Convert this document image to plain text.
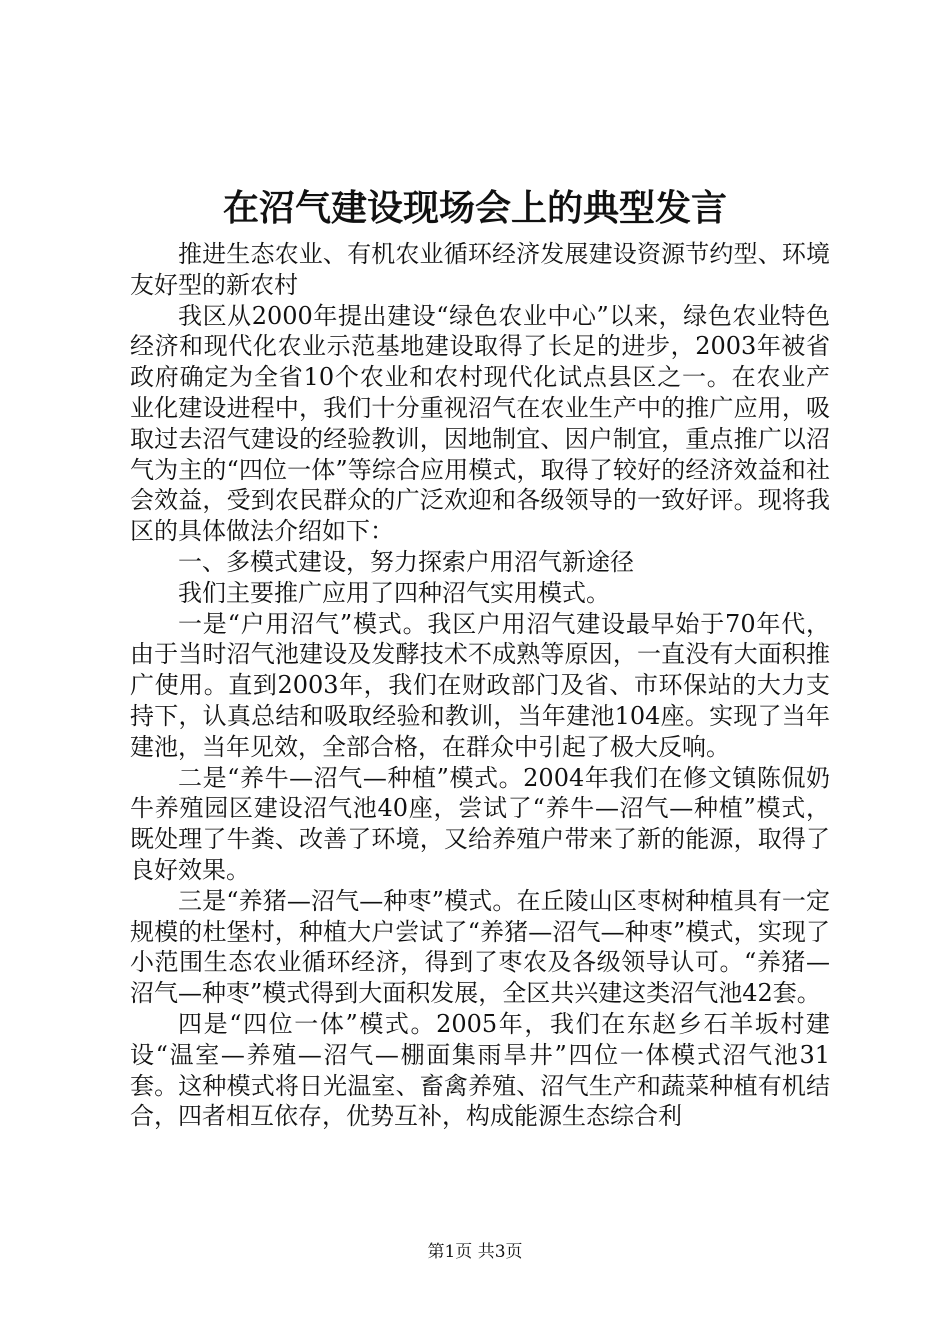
在沼气建设现场会上的典型发言

推进生态农业、有机农业循环经济发展建设资源节约型、环境友好型的新农村

我区从2000年提出建设“绿色农业中心”以来，绿色农业特色经济和现代化农业示范基地建设取得了长足的进步，2003年被省政府确定为全省10个农业和农村现代化试点县区之一。在农业产业化建设进程中，我们十分重视沼气在农业生产中的推广应用，吸取过去沼气建设的经验教训，因地制宜、因户制宜，重点推广以沼气为主的“四位一体”等综合应用模式，取得了较好的经济效益和社会效益，受到农民群众的广泛欢迎和各级领导的一致好评。现将我区的具体做法介绍如下：

一、多模式建设，努力探索户用沼气新途径

我们主要推广应用了四种沼气实用模式。

一是“户用沼气”模式。我区户用沼气建设最早始于70年代，由于当时沼气池建设及发酵技术不成熟等原因，一直没有大面积推广使用。直到2003年，我们在财政部门及省、市环保站的大力支持下，认真总结和吸取经验和教训，当年建池104座。实现了当年建池，当年见效，全部合格，在群众中引起了极大反响。

二是“养牛—沼气—种植”模式。2004年我们在修文镇陈侃奶牛养殖园区建设沼气池40座，尝试了“养牛—沼气—种植”模式，既处理了牛粪、改善了环境，又给养殖户带来了新的能源，取得了良好效果。

三是“养猪—沼气—种枣”模式。在丘陵山区枣树种植具有一定规模的杜堡村，种植大户尝试了“养猪—沼气—种枣”模式，实现了小范围生态农业循环经济，得到了枣农及各级领导认可。“养猪—沼气—种枣”模式得到大面积发展，全区共兴建这类沼气池42套。

四是“四位一体”模式。2005年，我们在东赵乡石羊坂村建设“温室—养殖—沼气—棚面集雨旱井”四位一体模式沼气池31套。这种模式将日光温室、畜禽养殖、沼气生产和蔬菜种植有机结合，四者相互依存，优势互补，构成能源生态综合利

第1页 共3页
